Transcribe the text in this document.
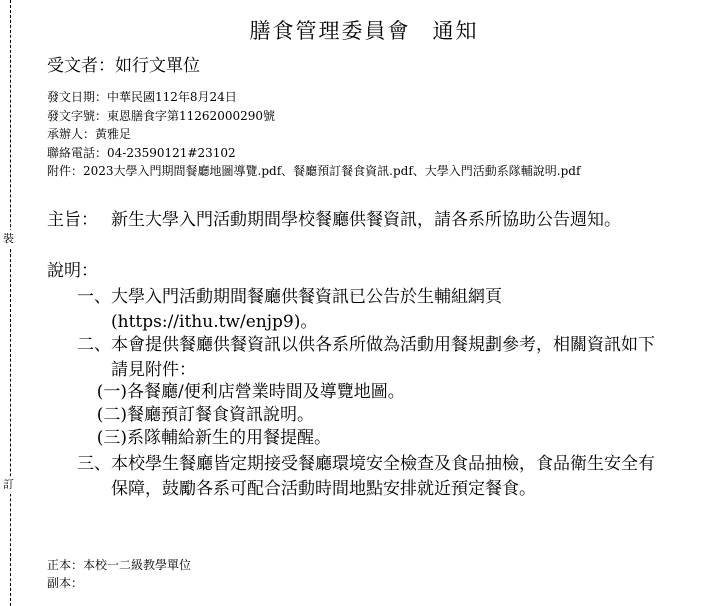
裝
訂
膳食管理委員會 通知
受文者：如行文單位
發文日期： 中華民國112年8月24日
發文字號： 東恩膳食字第11262000290號
承辦人： 黃雅足
聯絡電話： 04-23590121#23102
附件： 2023大學入門期間餐廳地圖導覽.pdf、餐廳預訂餐食資訊.pdf、大學入門活動系隊輔說明.pdf
主旨： 新生大學入門活動期間學校餐廳供餐資訊，請各系所協助公告週知。
說明：
一、 大學入門活動期間餐廳供餐資訊已公告於生輔組網頁(https://ithu.tw/enjp9)。
二、 本會提供餐廳供餐資訊以供各系所做為活動用餐規劃參考，相關資訊如下請見附件：
(一) 各餐廳/便利店營業時間及導覽地圖。
(二) 餐廳預訂餐食資訊說明。
(三) 系隊輔給新生的用餐提醒。
三、 本校學生餐廳皆定期接受餐廳環境安全檢查及食品抽檢，食品衛生安全有保障，鼓勵各系可配合活動時間地點安排就近預定餐食。
正本：本校一二級教學單位
副本：
